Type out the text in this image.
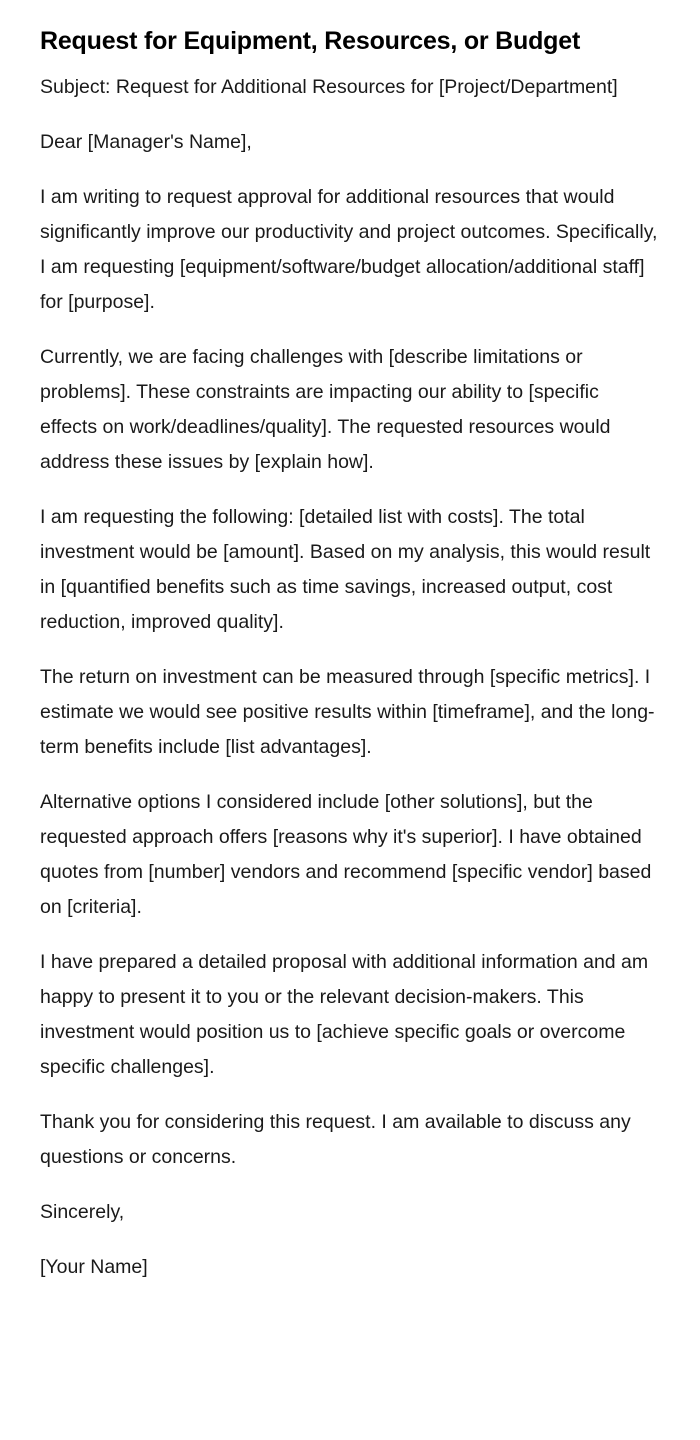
Request for Equipment, Resources, or Budget

Subject: Request for Additional Resources for [Project/Department]

Dear [Manager's Name],

I am writing to request approval for additional resources that would significantly improve our productivity and project outcomes. Specifically, I am requesting [equipment/software/budget allocation/additional staff] for [purpose].

Currently, we are facing challenges with [describe limitations or problems]. These constraints are impacting our ability to [specific effects on work/deadlines/quality]. The requested resources would address these issues by [explain how].

I am requesting the following: [detailed list with costs]. The total investment would be [amount]. Based on my analysis, this would result in [quantified benefits such as time savings, increased output, cost reduction, improved quality].

The return on investment can be measured through [specific metrics]. I estimate we would see positive results within [timeframe], and the long-term benefits include [list advantages].

Alternative options I considered include [other solutions], but the requested approach offers [reasons why it's superior]. I have obtained quotes from [number] vendors and recommend [specific vendor] based on [criteria].

I have prepared a detailed proposal with additional information and am happy to present it to you or the relevant decision-makers. This investment would position us to [achieve specific goals or overcome specific challenges].

Thank you for considering this request. I am available to discuss any questions or concerns.

Sincerely,

[Your Name]
